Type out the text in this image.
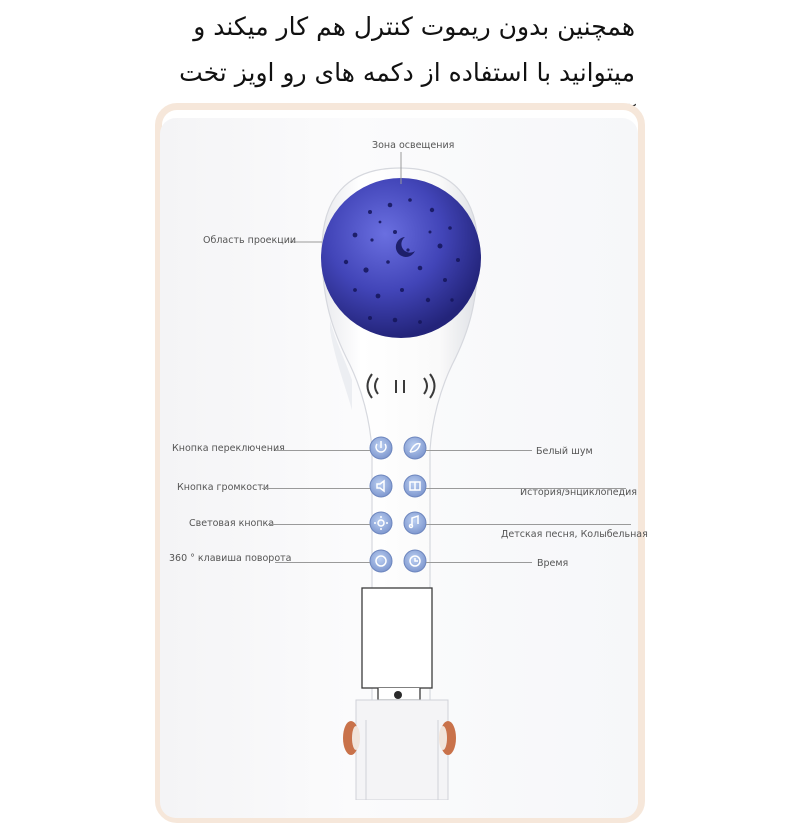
همچنین بدون ریموت کنترل هم کار میکند و

میتوانید با استفاده از دکمه های رو اویز تخت

Зона освещения
Область проекции
Кнопка переключения
Кнопка громкости
Световая кнопка
360 ° клавиша поворота
Белый шум
История/энциклопедия
Детская песня, Колыбельная
Время
